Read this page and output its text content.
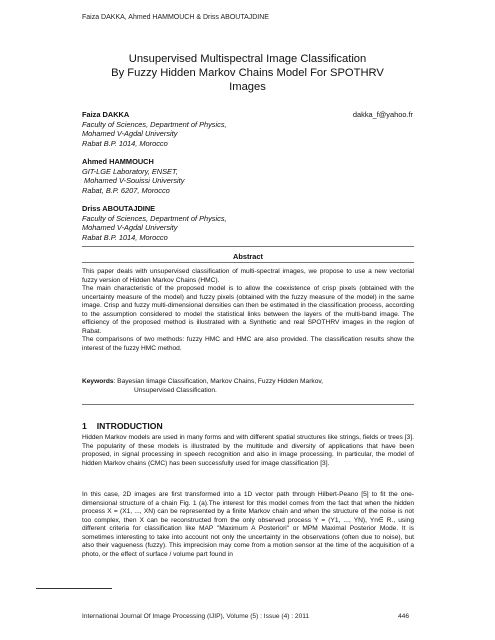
Faiza DAKKA, Ahmed HAMMOUCH & Driss ABOUTAJDINE
Unsupervised Multispectral Image Classification
By Fuzzy Hidden Markov Chains Model For SPOTHRV
Images
dakka_f@yahoo.fr
Faiza DAKKA
Faculty of Sciences, Department of Physics,
Mohamed V-Agdal University
Rabat B.P. 1014, Morocco
Ahmed HAMMOUCH
GIT-LGE Laboratory, ENSET,
Mohamed V-Souissi University
Rabat, B.P. 6207, Morocco
Driss ABOUTAJDINE
Faculty of Sciences, Department of Physics,
Mohamed V-Agdal University
Rabat B.P. 1014, Morocco
Abstract

This paper deals with unsupervised classification of multi-spectral images, we propose to use a new vectorial fuzzy version of Hidden Markov Chains (HMC).

The main characteristic of the proposed model is to allow the coexistence of crisp pixels (obtained with the uncertainty measure of the model) and fuzzy pixels (obtained with the fuzzy measure of the model) in the same image. Crisp and fuzzy multi-dimensional densities can then be estimated in the classification process, according to the assumption considered to model the statistical links between the layers of the multi-band image. The efficiency of the proposed method is illustrated with a Synthetic and real SPOTHRV images in the region of Rabat.

The comparisons of two methods: fuzzy HMC and HMC are also provided. The classification results show the interest of the fuzzy HMC method.

Keywords: Bayesian Iimage Classification, Markov Chains, Fuzzy Hidden Markov,
Unsupervised Classification.
1 INTRODUCTION
Hidden Markov models are used in many forms and with different spatial structures like strings, fields or trees [3]. The popularity of these models is illustrated by the multitude and diversity of applications that have been proposed, in signal processing in speech recognition and also in image processing. In particular, the model of hidden Markov chains (CMC) has been successfully used for image classification [3].
In this case, 2D images are first transformed into a 1D vector path through Hilbert-Peano [5] to fit the one-dimensional structure of a chain Fig. 1 (a).The interest for this model comes from the fact that when the hidden process X = (X1, ..., XN) can be represented by a finite Markov chain and when the structure of the noise is not too complex, then X can be reconstructed from the only observed process Y = (Y1, ..., YN), Yn∈ R., using different criteria for classification like MAP "Maximum A Posteriori" or MPM Maximal Posterior Mode. It is sometimes interesting to take into account not only the uncertainty in the observations (often due to noise), but also their vagueness (fuzzy). This imprecision may come from a motion sensor at the time of the acquisition of a photo, or the effect of surface / volume part found in
International Journal Of Image Processing (IJIP), Volume (5) : Issue (4) : 2011	446
